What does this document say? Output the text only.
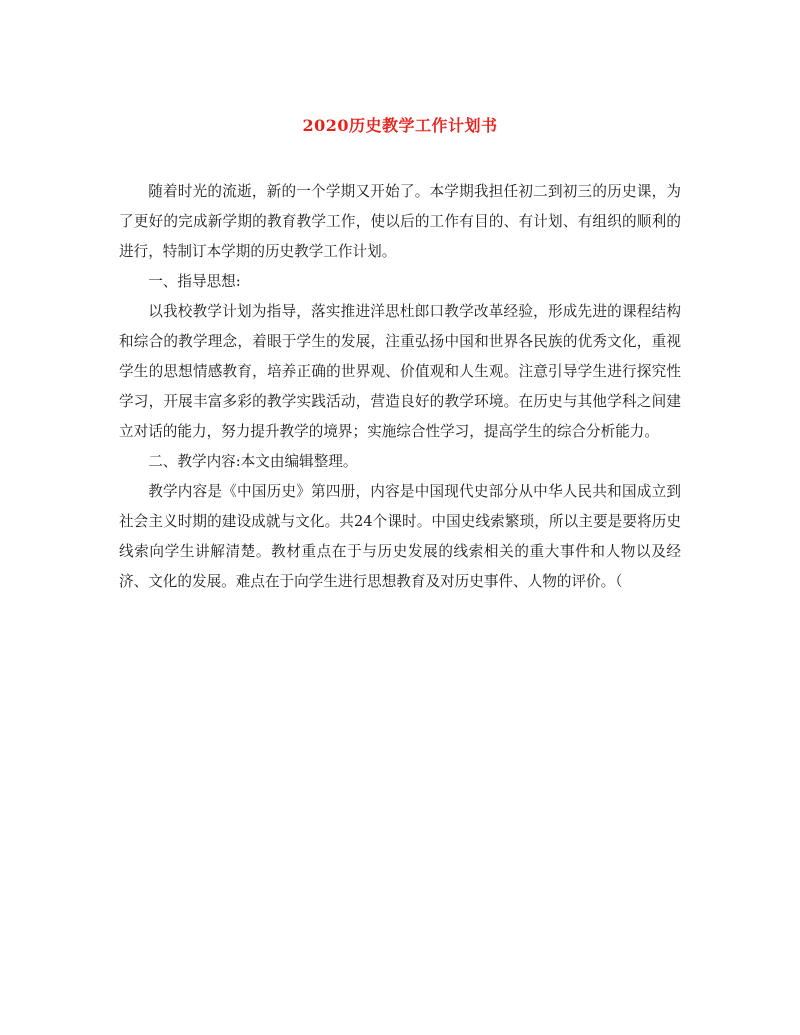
2020历史教学工作计划书

随着时光的流逝，新的一个学期又开始了。本学期我担任初二到初三的历史课，为了更好的完成新学期的教育教学工作，使以后的工作有目的、有计划、有组织的顺利的进行，特制订本学期的历史教学工作计划。

一、指导思想:

以我校教学计划为指导，落实推进洋思杜郎口教学改革经验，形成先进的课程结构和综合的教学理念，着眼于学生的发展，注重弘扬中国和世界各民族的优秀文化，重视学生的思想情感教育，培养正确的世界观、价值观和人生观。注意引导学生进行探究性学习，开展丰富多彩的教学实践活动，营造良好的教学环境。在历史与其他学科之间建立对话的能力，努力提升教学的境界；实施综合性学习，提高学生的综合分析能力。

二、教学内容:本文由编辑整理。

教学内容是《中国历史》第四册，内容是中国现代史部分从中华人民共和国成立到社会主义时期的建设成就与文化。共24个课时。中国史线索繁琐，所以主要是要将历史线索向学生讲解清楚。教材重点在于与历史发展的线索相关的重大事件和人物以及经济、文化的发展。难点在于向学生进行思想教育及对历史事件、人物的评价。（
